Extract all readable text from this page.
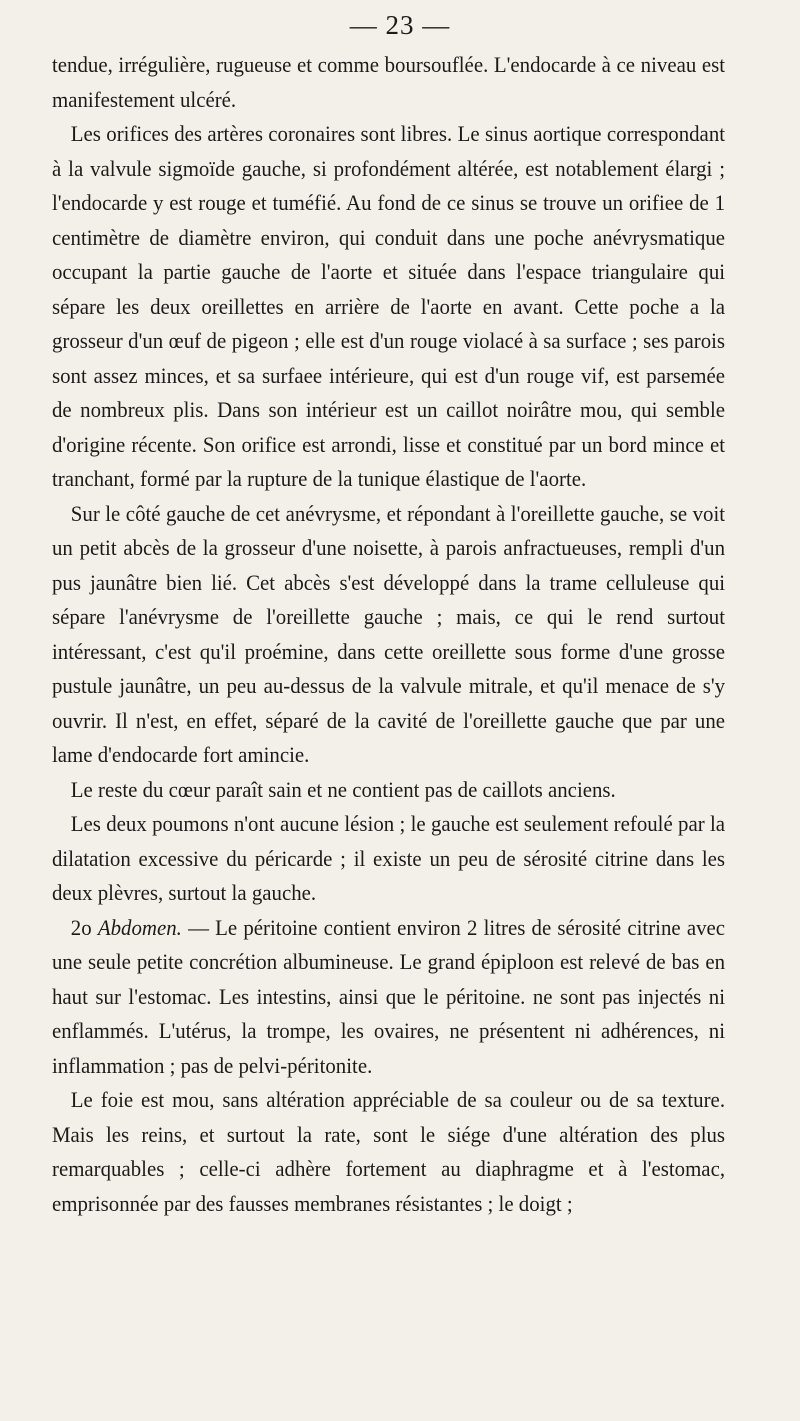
— 23 —

tendue, irrégulière, rugueuse et comme boursouflée. L'endocarde à ce niveau est manifestement ulcéré.

Les orifices des artères coronaires sont libres. Le sinus aortique correspondant à la valvule sigmoïde gauche, si profondément altérée, est notablement élargi ; l'endocarde y est rouge et tuméfié. Au fond de ce sinus se trouve un orifiee de 1 centimètre de diamètre environ, qui conduit dans une poche anévrysmatique occupant la partie gauche de l'aorte et située dans l'espace triangulaire qui sépare les deux oreillettes en arrière de l'aorte en avant. Cette poche a la grosseur d'un œuf de pigeon ; elle est d'un rouge violacé à sa surface ; ses parois sont assez minces, et sa surfaee intérieure, qui est d'un rouge vif, est parsemée de nombreux plis. Dans son intérieur est un caillot noirâtre mou, qui semble d'origine récente. Son orifice est arrondi, lisse et constitué par un bord mince et tranchant, formé par la rupture de la tunique élastique de l'aorte.

Sur le côté gauche de cet anévrysme, et répondant à l'oreillette gauche, se voit un petit abcès de la grosseur d'une noisette, à parois anfractueuses, rempli d'un pus jaunâtre bien lié. Cet abcès s'est développé dans la trame celluleuse qui sépare l'anévrysme de l'oreillette gauche ; mais, ce qui le rend surtout intéressant, c'est qu'il proémine, dans cette oreillette sous forme d'une grosse pustule jaunâtre, un peu au-dessus de la valvule mitrale, et qu'il menace de s'y ouvrir. Il n'est, en effet, séparé de la cavité de l'oreillette gauche que par une lame d'endocarde fort amincie.

Le reste du cœur paraît sain et ne contient pas de caillots anciens.

Les deux poumons n'ont aucune lésion ; le gauche est seulement refoulé par la dilatation excessive du péricarde ; il existe un peu de sérosité citrine dans les deux plèvres, surtout la gauche.

2o Abdomen. — Le péritoine contient environ 2 litres de sérosité citrine avec une seule petite concrétion albumineuse. Le grand épiploon est relevé de bas en haut sur l'estomac. Les intestins, ainsi que le péritoine. ne sont pas injectés ni enflammés. L'utérus, la trompe, les ovaires, ne présentent ni adhérences, ni inflammation ; pas de pelvi-péritonite.

Le foie est mou, sans altération appréciable de sa couleur ou de sa texture. Mais les reins, et surtout la rate, sont le siége d'une altération des plus remarquables ; celle-ci adhère fortement au diaphragme et à l'estomac, emprisonnée par des fausses membranes résistantes ; le doigt ;
